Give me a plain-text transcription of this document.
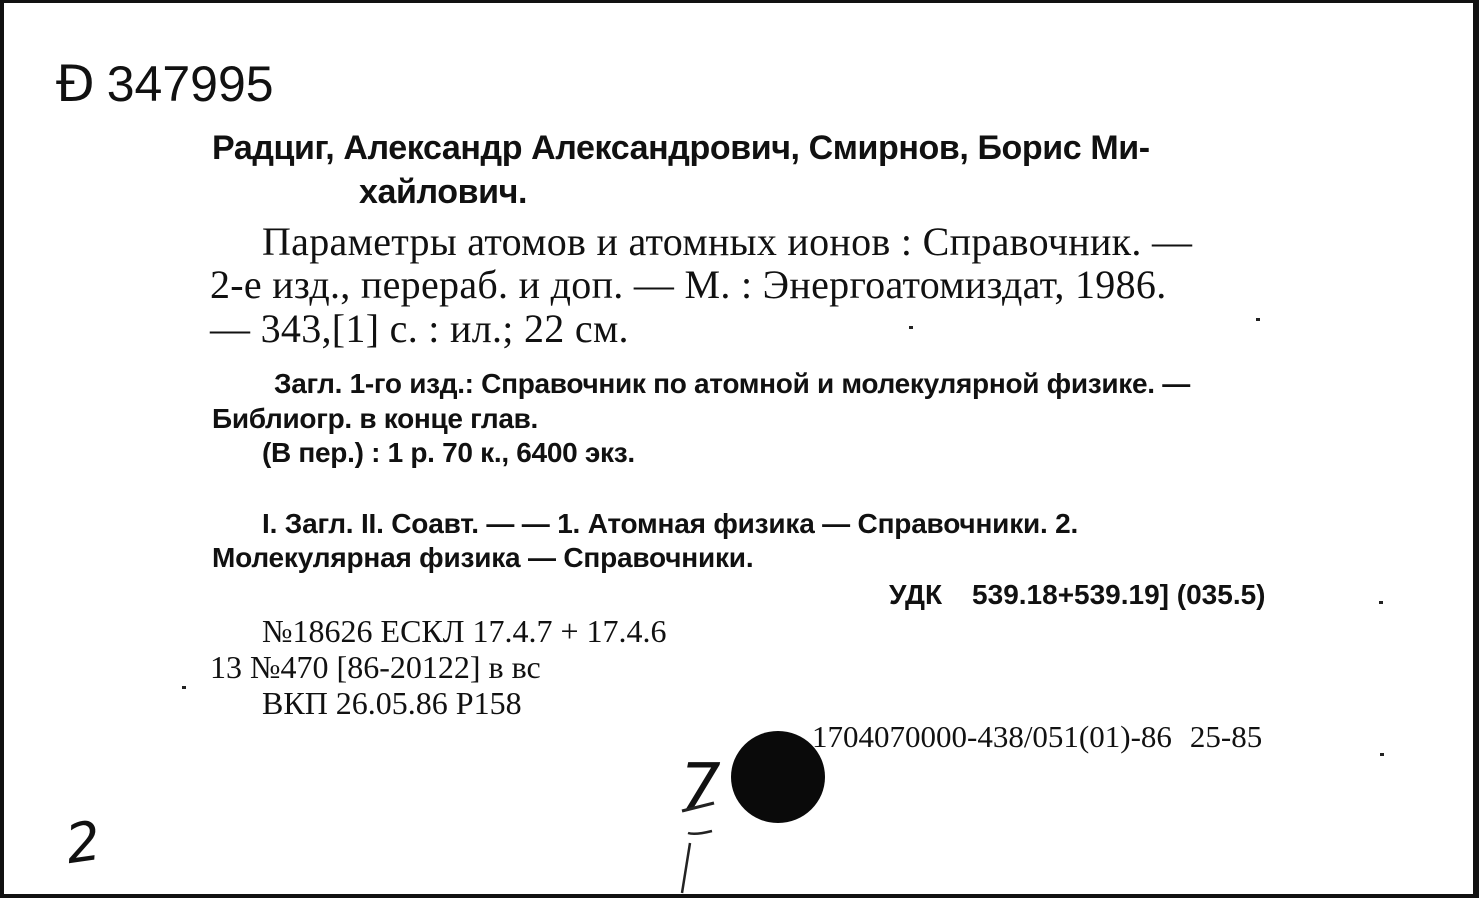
Ð 347995
Радциг, Александр Александрович, Смирнов, Борис Ми-
хайлович.
Параметры атомов и атомных ионов : Справочник. —
2-е изд., перераб. и доп. — М. : Энергоатомиздат, 1986.
— 343,[1] с. : ил.; 22 см.
Загл. 1-го изд.: Справочник по атомной и молекулярной физике. —
Библиогр. в конце глав.
(В пер.) : 1 р. 70 к., 6400 экз.
I. Загл. II. Соавт. — — 1. Атомная физика — Справочники. 2.
Молекулярная физика — Справочники.
УДК 539.18+539.19] (035.5)
№18626 ЕСКЛ 17.4.7 + 17.4.6
13 №470 [86-20122] в вс
ВКП 26.05.86 Р158
1704070000-438/051(01)-86 25-85
2
7
